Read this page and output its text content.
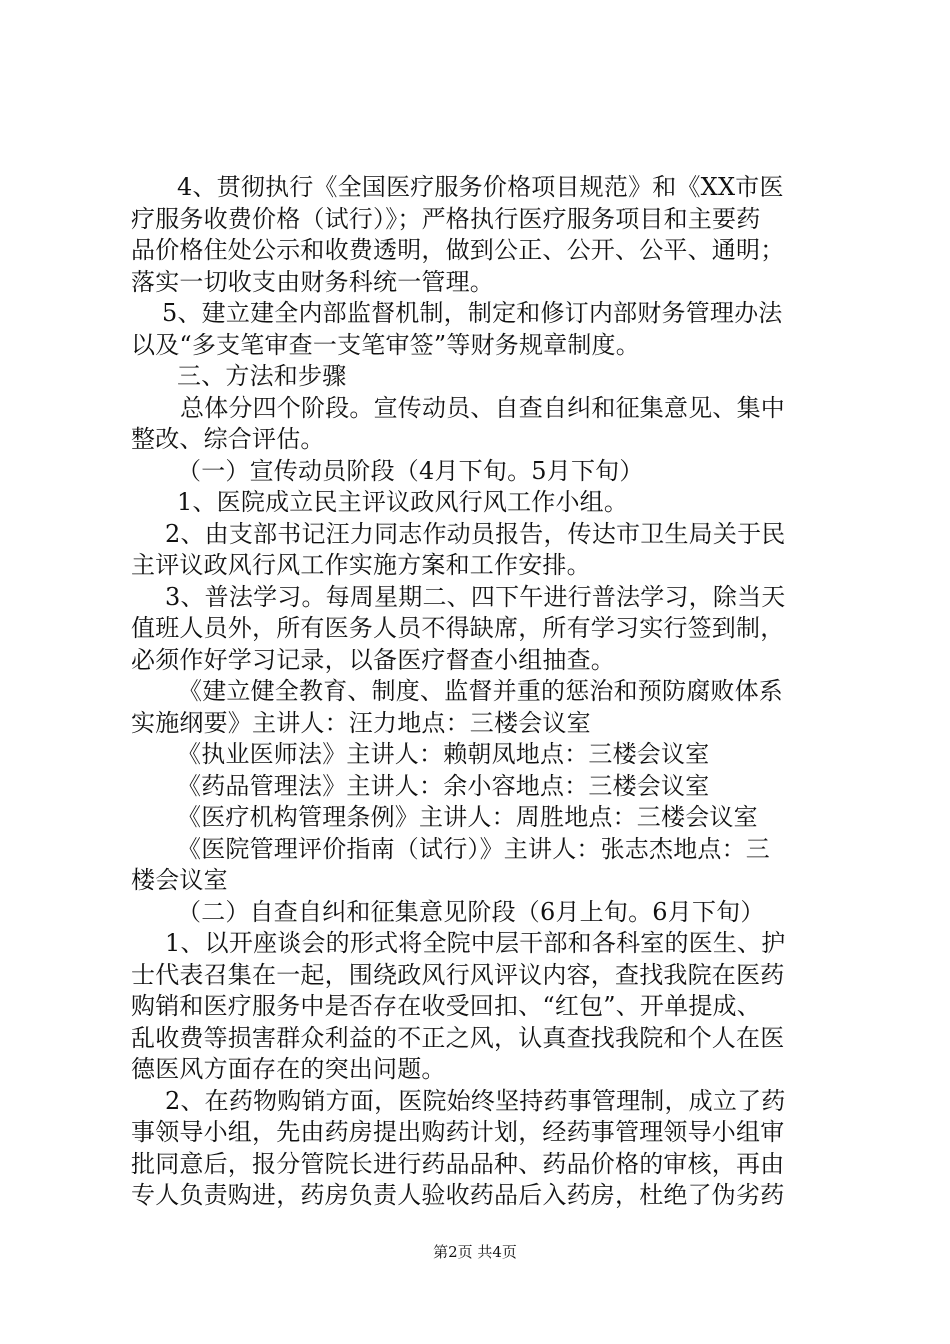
4、贯彻执行《全国医疗服务价格项目规范》和《XX市医
疗服务收费价格（试行）》；严格执行医疗服务项目和主要药
品价格住处公示和收费透明，做到公正、公开、公平、通明；
落实一切收支由财务科统一管理。
5、建立建全内部监督机制，制定和修订内部财务管理办法
以及“多支笔审查一支笔审签”等财务规章制度。
三、方法和步骤
总体分四个阶段。宣传动员、自查自纠和征集意见、集中
整改、综合评估。
（一）宣传动员阶段（4月下旬。5月下旬）
1、医院成立民主评议政风行风工作小组。
2、由支部书记汪力同志作动员报告，传达市卫生局关于民
主评议政风行风工作实施方案和工作安排。
3、普法学习。每周星期二、四下午进行普法学习，除当天
值班人员外，所有医务人员不得缺席，所有学习实行签到制，
必须作好学习记录，以备医疗督查小组抽查。
《建立健全教育、制度、监督并重的惩治和预防腐败体系
实施纲要》主讲人：汪力地点：三楼会议室
《执业医师法》主讲人：赖朝凤地点：三楼会议室
《药品管理法》主讲人：余小容地点：三楼会议室
《医疗机构管理条例》主讲人：周胜地点：三楼会议室
《医院管理评价指南（试行）》主讲人：张志杰地点：三
楼会议室
（二）自查自纠和征集意见阶段（6月上旬。6月下旬）
1、以开座谈会的形式将全院中层干部和各科室的医生、护
士代表召集在一起，围绕政风行风评议内容，查找我院在医药
购销和医疗服务中是否存在收受回扣、“红包”、开单提成、
乱收费等损害群众利益的不正之风，认真查找我院和个人在医
德医风方面存在的突出问题。
2、在药物购销方面，医院始终坚持药事管理制，成立了药
事领导小组，先由药房提出购药计划，经药事管理领导小组审
批同意后，报分管院长进行药品品种、药品价格的审核，再由
专人负责购进，药房负责人验收药品后入药房，杜绝了伪劣药
第2页 共4页
